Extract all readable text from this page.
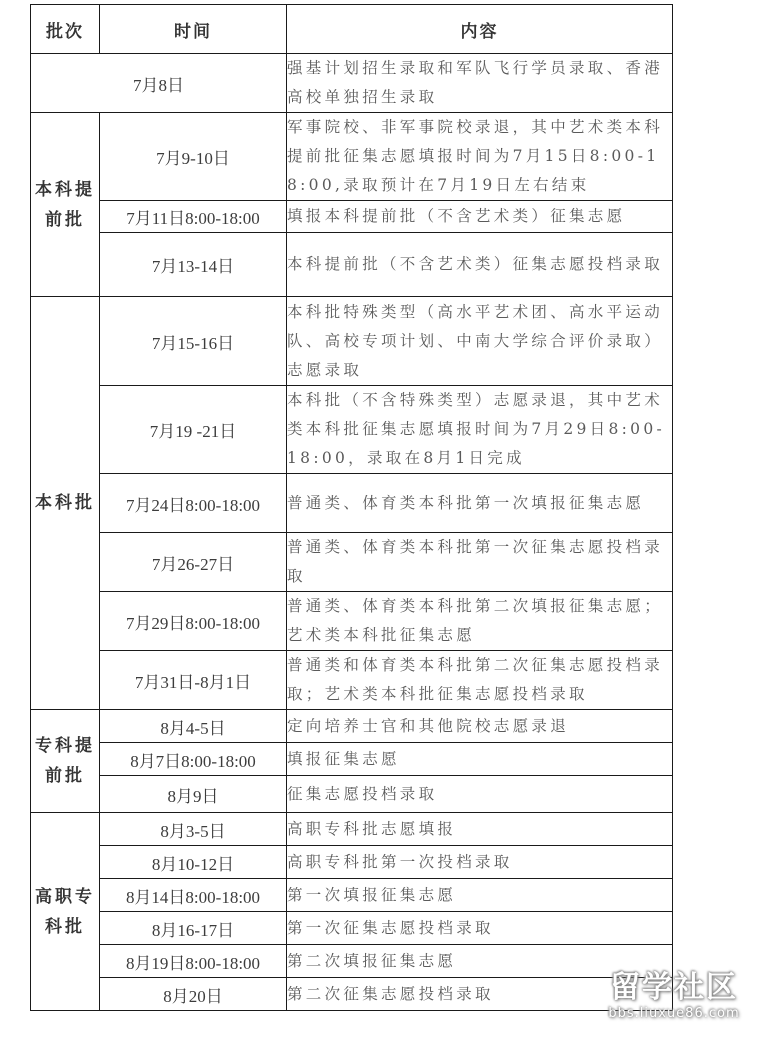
批次	时间	内容
7月8日		强基计划招生录取和军队飞行学员录取、香港高校单独招生录取
本科提前批	7月9-10日	军事院校、非军事院校录退，其中艺术类本科提前批征集志愿填报时间为7月15日8:00-18:00,录取预计在7月19日左右结束
	7月11日8:00-18:00	填报本科提前批（不含艺术类）征集志愿
	7月13-14日	本科提前批（不含艺术类）征集志愿投档录取
本科批	7月15-16日	本科批特殊类型（高水平艺术团、高水平运动队、高校专项计划、中南大学综合评价录取）志愿录取
	7月19 -21日	本科批（不含特殊类型）志愿录退，其中艺术类本科批征集志愿填报时间为7月29日8:00-18:00，录取在8月1日完成
	7月24日8:00-18:00	普通类、体育类本科批第一次填报征集志愿
	7月26-27日	普通类、体育类本科批第一次征集志愿投档录取
	7月29日8:00-18:00	普通类、体育类本科批第二次填报征集志愿；艺术类本科批征集志愿
	7月31日-8月1日	普通类和体育类本科批第二次征集志愿投档录取；艺术类本科批征集志愿投档录取
专科提前批	8月4-5日	定向培养士官和其他院校志愿录退
	8月7日8:00-18:00	填报征集志愿
	8月9日	征集志愿投档录取
高职专科批	8月3-5日	高职专科批志愿填报
	8月10-12日	高职专科批第一次投档录取
	8月14日8:00-18:00	第一次填报征集志愿
	8月16-17日	第一次征集志愿投档录取
	8月19日8:00-18:00	第二次填报征集志愿
	8月20日	第二次征集志愿投档录取	留学社区
bbs.liuxue86.com
